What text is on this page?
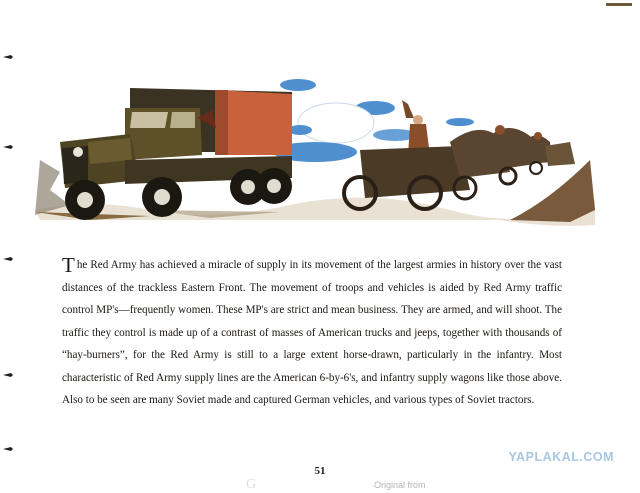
The Red Army has achieved a miracle of supply in its movement of the largest armies in history over the vast distances of the trackless Eastern Front. The movement of troops and vehicles is aided by Red Army traffic control MP's—frequently women. These MP's are strict and mean business. They are armed, and will shoot. The traffic they control is made up of a contrast of masses of American trucks and jeeps, together with thousands of “hay-burners”, for the Red Army is still to a large extent horse-drawn, particularly in the infantry. Most characteristic of Red Army supply lines are the American 6-by-6's, and infantry supply wagons like those above. Also to be seen are many Soviet made and captured German vehicles, and various types of Soviet tractors.

51
G	Original from
YAPLAKAL.COM
